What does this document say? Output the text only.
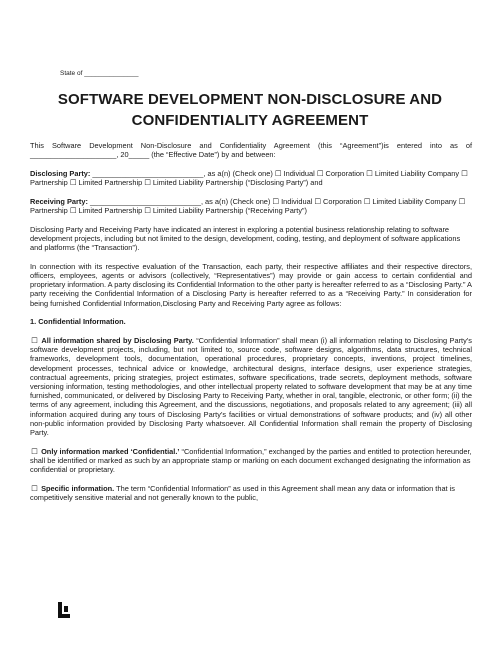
State of _______________
SOFTWARE DEVELOPMENT NON-DISCLOSURE AND
CONFIDENTIALITY AGREEMENT

This Software Development Non-Disclosure and Confidentiality Agreement (this “Agreement”)is entered into as of _____________________, 20_____ (the “Effective Date”) by and between:

Disclosing Party: ___________________________, as a(n) (Check one) ☐ Individual ☐ Corporation ☐ Limited Liability Company ☐ Partnership ☐ Limited Partnership ☐ Limited Liability Partnership (“Disclosing Party”) and

Receiving Party: ___________________________, as a(n) (Check one) ☐ Individual ☐ Corporation ☐ Limited Liability Company ☐ Partnership ☐ Limited Partnership ☐ Limited Liability Partnership (“Receiving Party”)

Disclosing Party and Receiving Party have indicated an interest in exploring a potential business relationship relating to software development projects, including but not limited to the design, development, coding, testing, and deployment of software applications and platforms (the “Transaction”).

In connection with its respective evaluation of the Transaction, each party, their respective affiliates and their respective directors, officers, employees, agents or advisors (collectively, “Representatives”) may provide or gain access to certain confidential and proprietary information. A party disclosing its Confidential Information to the other party is hereafter referred to as a “Disclosing Party.” A party receiving the Confidential Information of a Disclosing Party is hereafter referred to as a “Receiving Party.” In consideration for being furnished Confidential Information,Disclosing Party and Receiving Party agree as follows:

1. Confidential Information.

☐ All information shared by Disclosing Party. “Confidential Information” shall mean (i) all information relating to Disclosing Party’s software development projects, including, but not limited to, source code, software designs, algorithms, data structures, technical frameworks, development tools, documentation, operational procedures, proprietary concepts, inventions, project timelines, development processes, technical advice or knowledge, architectural designs, interface designs, user experience strategies, contractual agreements, pricing strategies, project estimates, software specifications, trade secrets, deployment methods, software versioning information, testing methodologies, and other intellectual property related to software development that may be at any time furnished, communicated, or delivered by Disclosing Party to Receiving Party, whether in oral, tangible, electronic, or other form; (ii) the terms of any agreement, including this Agreement, and the discussions, negotiations, and proposals related to any agreement; (iii) all information acquired during any tours of Disclosing Party’s facilities or virtual demonstrations of software products; and (iv) all other non-public information provided by Disclosing Party whatsoever. All Confidential Information shall remain the property of Disclosing Party.

☐ Only information marked ‘Confidential.’ “Confidential Information,” exchanged by the parties and entitled to protection hereunder, shall be identified or marked as such by an appropriate stamp or marking on each document exchanged designating the information as confidential or proprietary.

☐ Specific information. The term “Confidential Information” as used in this Agreement shall mean any data or information that is competitively sensitive material and not generally known to the public,
